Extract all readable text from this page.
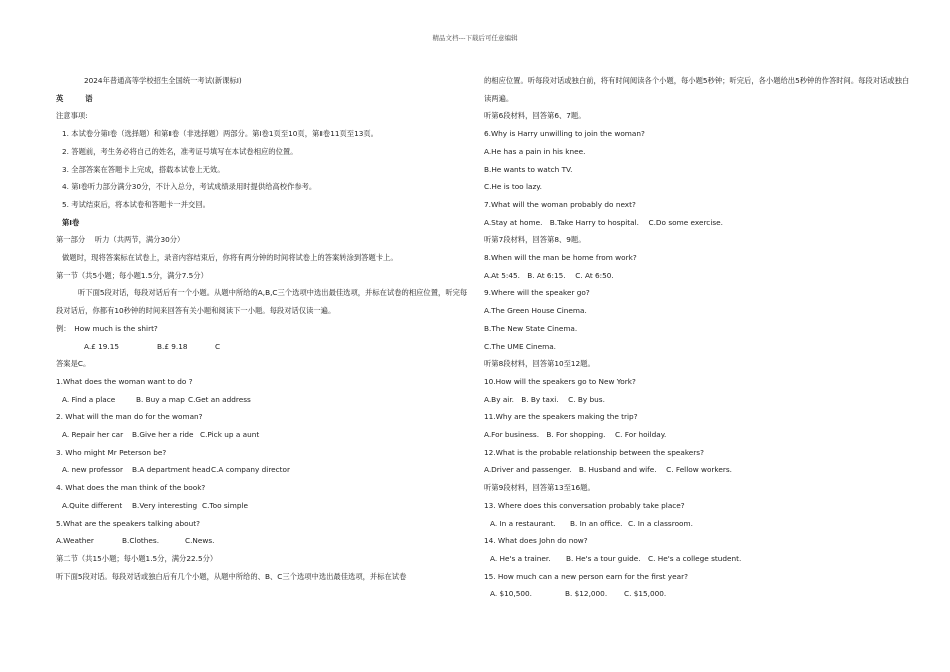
精品文档---下载后可任意编辑

2024年普通高等学校招生全国统一考试(新课标I)

英	语

注意事项:

1. 本试卷分第Ⅰ卷（选择题）和第Ⅱ卷（非选择题）两部分。第Ⅰ卷1页至10页，第Ⅱ卷11页至13页。

2. 答题前，考生务必将自己的姓名，准考证号填写在本试卷相应的位置。

3. 全部答案在答题卡上完成，搭载本试卷上无效。

4. 第Ⅰ卷听力部分满分30分，不计入总分，考试成绩录用时提供给高校作参考。

5. 考试结束后，将本试卷和答题卡一并交回。

第Ⅰ卷

第一部分　 听力（共两节，满分30分）

做题时，现将答案标在试卷上，录音内容结束后，你将有两分钟的时间将试卷上的答案转涂到答题卡上。

第一节（共5小题；每小题1.5分，满分7.5分）

听下面5段对话，每段对话后有一个小题。从题中所给的A,B,C三个选项中选出最佳选项，并标在试卷的相应位置，听完每段对话后，你都有10秒钟的时间来回答有关小题和阅读下一小题。每段对话仅读一遍。

例：　How much is the shirt?

A.£ 19.15	B.£ 9.18	C

答案是C。

1.What does the woman want to do ?

A. Find a place	B. Buy a map C.Get an address

2. What will the man do for the woman?

A. Repair her car B.Give her a ride C.Pick up a aunt

3. Who might Mr Peterson be?

A. new professor B.A department headC.A company director

4. What does the man think of the book?

A.Quite different B.Very interesting C.Too simple

5.What are the speakers talking about?

A.Weather	B.Clothes.	C.News.

第二节（共15小题；每小题1.5分，满分22.5分）

听下面5段对话。每段对话或独白后有几个小题，从题中所给的、B、C三个选项中选出最佳选项，并标在试卷

的相应位置。听每段对话或独白前，将有时间阅读各个小题，每小题5秒钟；听完后，各小题给出5秒钟的作答时间。每段对话或独白读两遍。

听第6段材料，回答第6、7题。

6.Why is Harry unwilling to join the woman?

A.He has a pain in his knee.

B.He wants to watch TV.

C.He is too lazy.

7.What will the woman probably do next?

A.Stay at home.　B.Take Harry to hospital.　 C.Do some exercise.

听第7段材料，回答第8、9题。

8.When will the man be home from work?

A.At 5:45.　B. At 6:15.　 C. At 6:50.

9.Where will the speaker go?

A.The Green House Cinema.

B.The New State Cinema.

C.The UME Cinema.

听第8段材料，回答第10至12题。

10.How will the speakers go to New York?

A.By air.　B. By taxi.　 C. By bus.

11.Why are the speakers making the trip?

A.For business.　B. For shopping.　 C. For hoilday.

12.What is the probable relationship between the speakers?

A.Driver and passenger.　B. Husband and wife.　 C. Fellow workers.

听第9段材料，回答第13至16题。

13. Where does this conversation probably take place?

A. In a restaurant. B. In an office. C. In a classroom.

14. What does John do now?

A. He's a trainer. B. He's a tour guide. C. He's a college student.

15. How much can a new person earn for the first year?

A. $10,500.	B. $12,000. C. $15,000.
